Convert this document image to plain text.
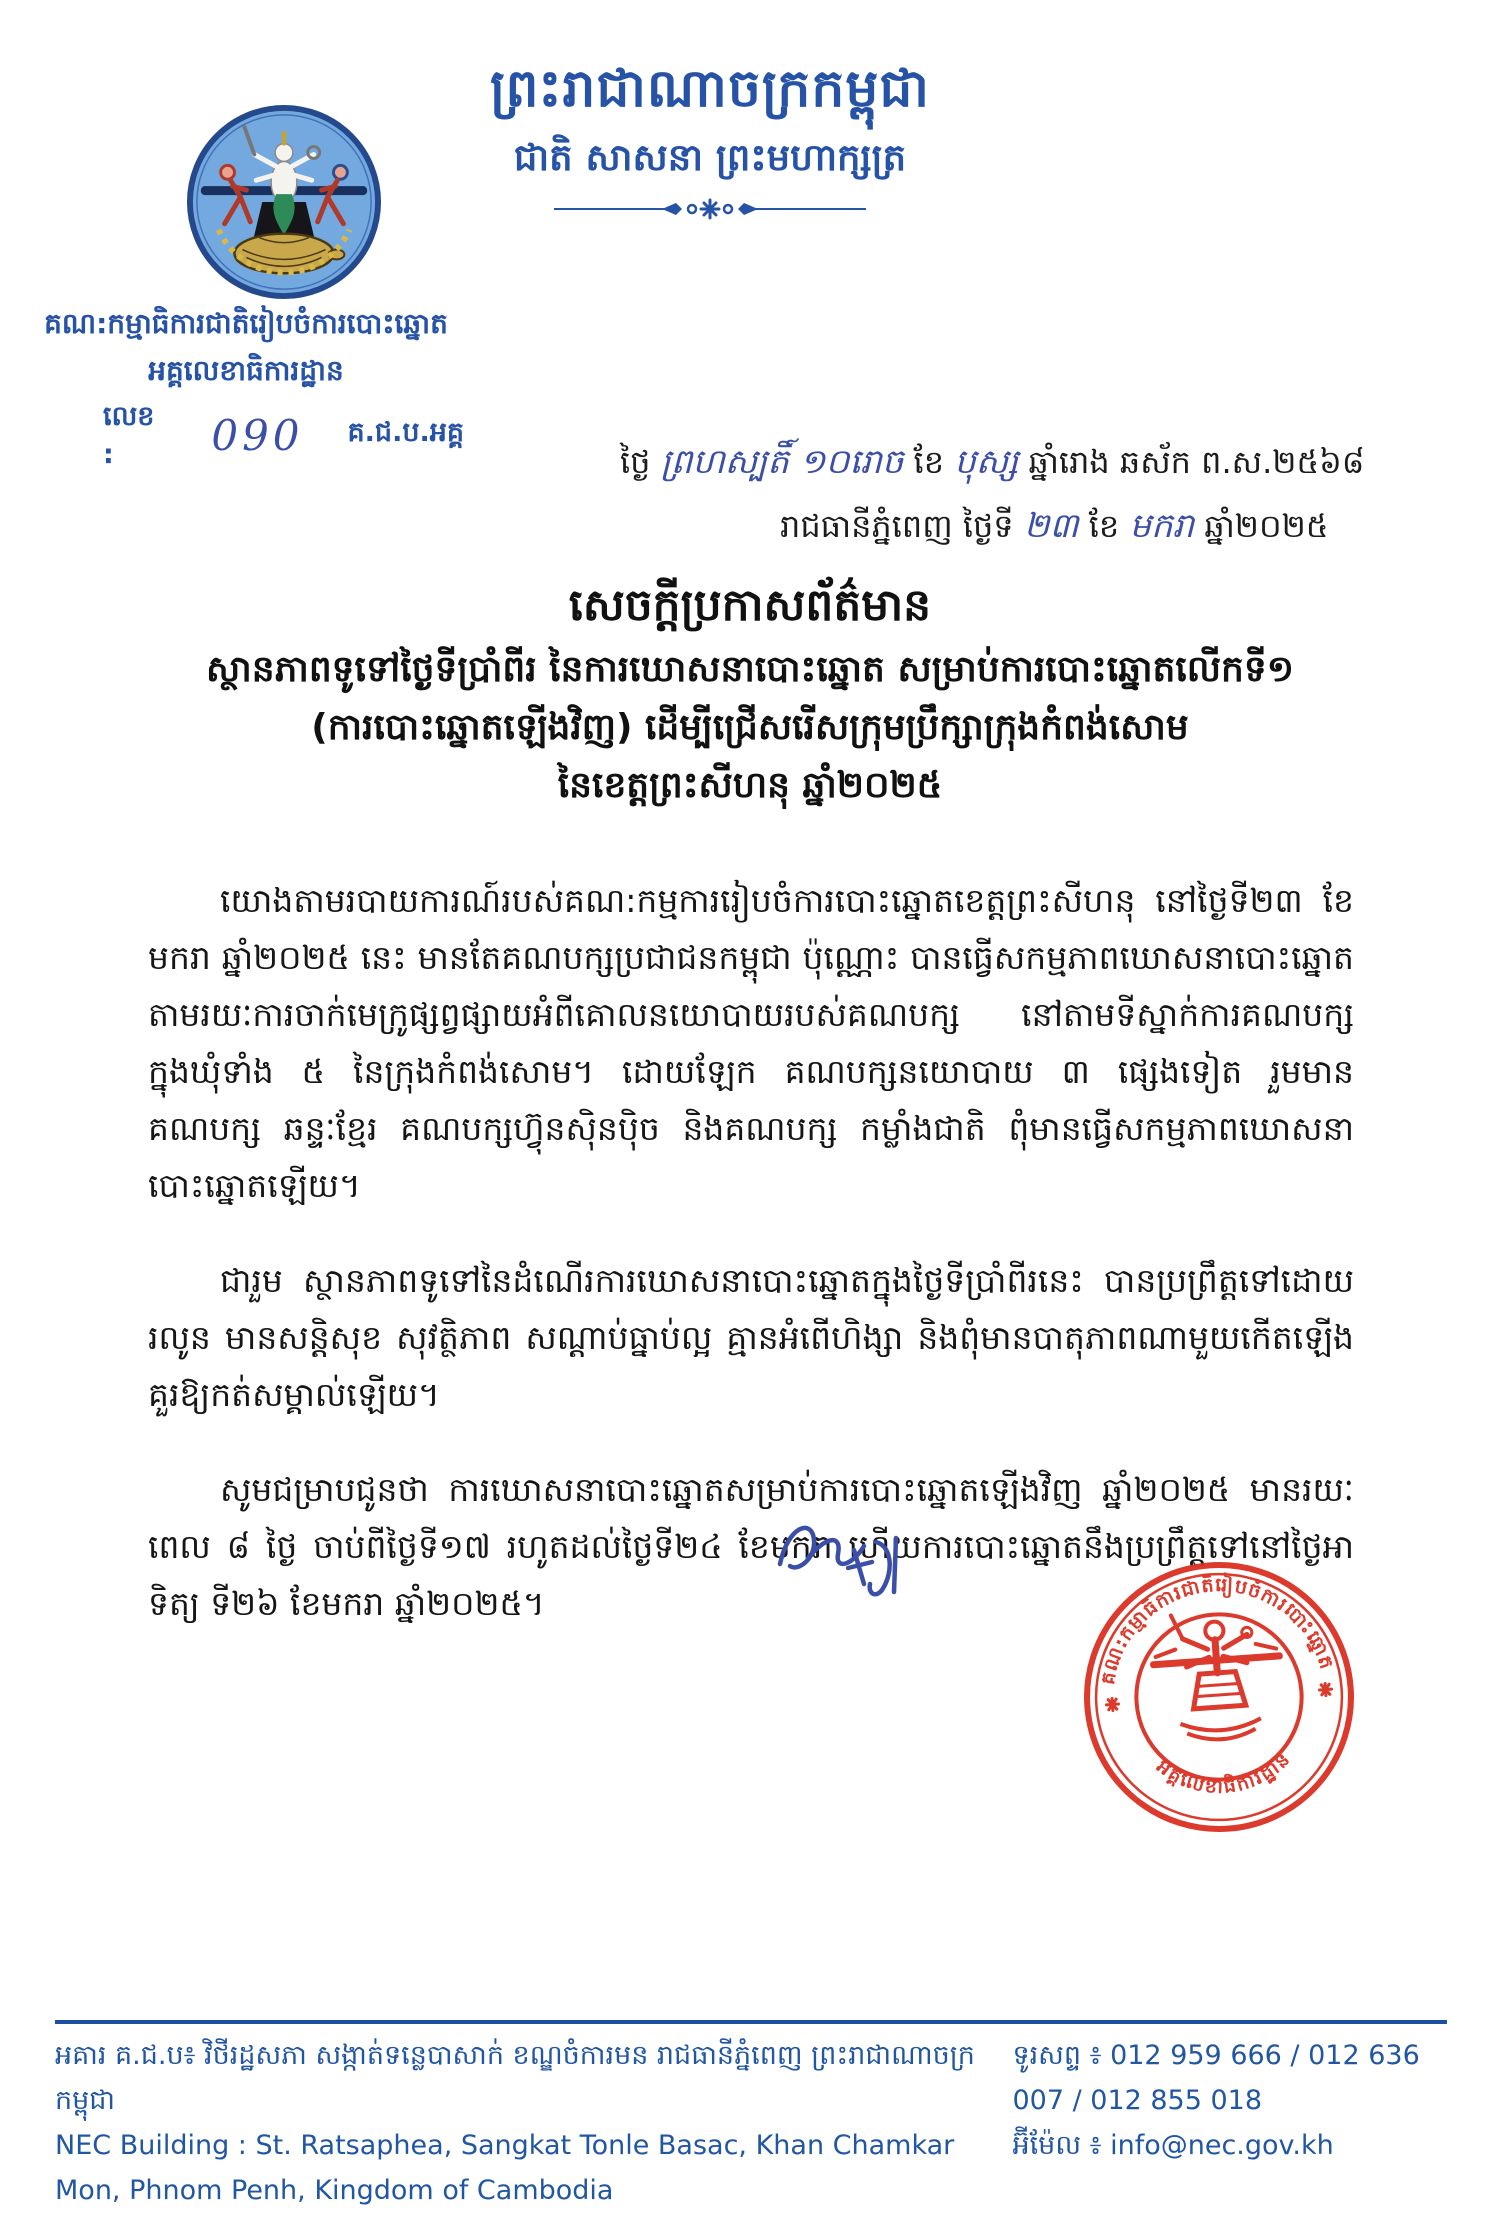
ព្រះរាជាណាចក្រកម្ពុជា
ជាតិ សាសនា ព្រះមហាក្សត្រ
គណ:កម្មាធិការជាតិរៀបចំការបោះឆ្នោត
អគ្គលេខាធិការដ្ឋាន
លេខ :	090 គ.ជ.ប.អគ្គ
ថ្ងៃ ព្រហស្បតិ៍ ១០រោច ខែ បុស្ស ឆ្នាំរោង ឆស័ក ព.ស.២៥៦៨
រាជធានីភ្នំពេញ ថ្ងៃទី ២៣ ខែ មករា ឆ្នាំ២០២៥
សេចក្តីប្រកាសព័ត៌មាន
ស្ថានភាពទូទៅថ្ងៃទីប្រាំពីរ នៃការឃោសនាបោះឆ្នោត សម្រាប់ការបោះឆ្នោតលើកទី១
(ការបោះឆ្នោតឡើងវិញ) ដើម្បីជ្រើសរើសក្រុមប្រឹក្សាក្រុងកំពង់សោម
នៃខេត្តព្រះសីហនុ ឆ្នាំ២០២៥

យោងតាមរបាយការណ៍របស់គណ:កម្មការរៀបចំការបោះឆ្នោតខេត្តព្រះសីហនុ នៅថ្ងៃទី២៣ ខែមករា ឆ្នាំ២០២៥ នេះ មានតែគណបក្សប្រជាជនកម្ពុជា ប៉ុណ្ណោះ បានធ្វើសកម្មភាពឃោសនាបោះឆ្នោត តាមរយៈការចាក់មេក្រូផ្សព្វផ្សាយអំពីគោលនយោបាយរបស់គណបក្ស នៅតាមទីស្នាក់ការគណបក្សក្នុងឃុំទាំង ៥ នៃក្រុងកំពង់សោម។ ដោយឡែក គណបក្សនយោបាយ ៣ ផ្សេងទៀត រួមមាន គណបក្ស ឆន្ទៈខ្មែរ គណបក្សហ៊្វុនស៊ិនប៉ិច និងគណបក្ស កម្លាំងជាតិ ពុំមានធ្វើសកម្មភាពឃោសនាបោះឆ្នោតឡើយ។

ជារួម ស្ថានភាពទូទៅនៃដំណើរការឃោសនាបោះឆ្នោតក្នុងថ្ងៃទីប្រាំពីរនេះ បានប្រព្រឹត្តទៅដោយរលូន មានសន្តិសុខ សុវត្ថិភាព សណ្តាប់ធ្នាប់ល្អ គ្មានអំពើហិង្សា និងពុំមានបាតុភាពណាមួយកើតឡើងគួរឱ្យកត់សម្គាល់ឡើយ។

សូមជម្រាបជូនថា ការឃោសនាបោះឆ្នោតសម្រាប់ការបោះឆ្នោតឡើងវិញ ឆ្នាំ២០២៥ មានរយៈពេល ៨ ថ្ងៃ ចាប់ពីថ្ងៃទី១៧ រហូតដល់ថ្ងៃទី២៤ ខែមករា ហើយការបោះឆ្នោតនឹងប្រព្រឹត្តទៅនៅថ្ងៃអាទិត្យ ទី២៦ ខែមករា ឆ្នាំ២០២៥។

គណ:កម្មាធិការជាតិរៀបចំការបោះឆ្នោត
អគ្គលេខាធិការដ្ឋាន
អគារ គ.ជ.ប៖ វិថីរដ្ឋសភា សង្កាត់ទន្លេបាសាក់ ខណ្ឌចំការមន រាជធានីភ្នំពេញ ព្រះរាជាណាចក្រកម្ពុជា
NEC Building : St. Ratsaphea, Sangkat Tonle Basac, Khan Chamkar Mon, Phnom Penh, Kingdom of Cambodia
ទូរសព្ទ ៖ 012 959 666 / 012 636 007 / 012 855 018
អ៊ីម៉ែល ៖ info@nec.gov.kh
